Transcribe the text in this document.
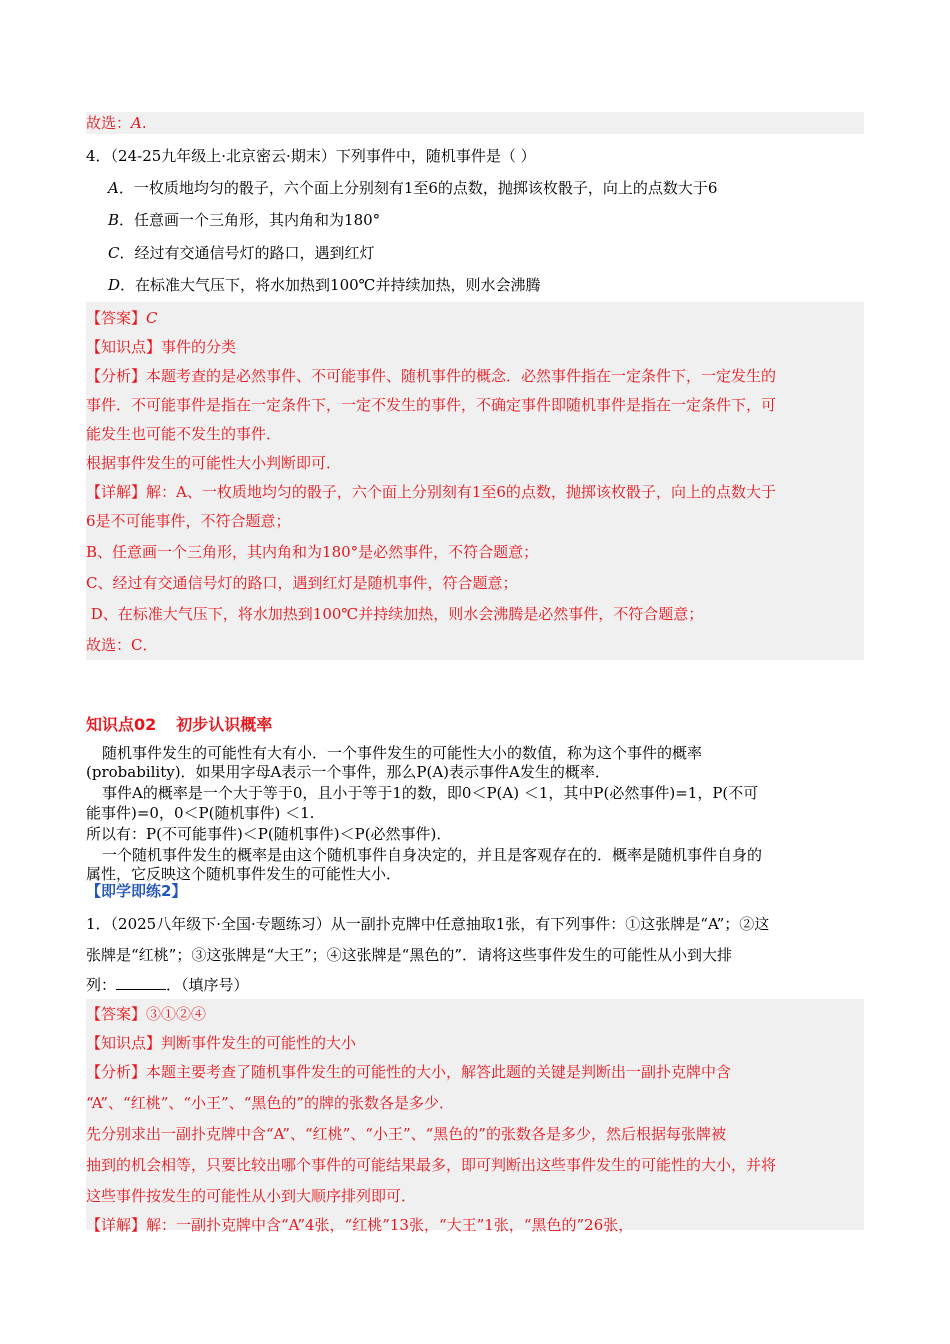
故选：A.
4．（24-25九年级上·北京密云·期末）下列事件中，随机事件是（ ）
A．一枚质地均匀的骰子，六个面上分别刻有1至6的点数，抛掷该枚骰子，向上的点数大于6
B．任意画一个三角形，其内角和为180°
C．经过有交通信号灯的路口，遇到红灯
D．在标准大气压下，将水加热到100℃并持续加热，则水会沸腾
【答案】C
【知识点】事件的分类
【分析】本题考查的是必然事件、不可能事件、随机事件的概念．必然事件指在一定条件下，一定发生的
事件．不可能事件是指在一定条件下，一定不发生的事件，不确定事件即随机事件是指在一定条件下，可
能发生也可能不发生的事件．
根据事件发生的可能性大小判断即可．
【详解】解：A、一枚质地均匀的骰子，六个面上分别刻有1至6的点数，抛掷该枚骰子，向上的点数大于
6是不可能事件，不符合题意；
B、任意画一个三角形，其内角和为180°是必然事件，不符合题意；
C、经过有交通信号灯的路口，遇到红灯是随机事件，符合题意；
D、在标准大气压下，将水加热到100℃并持续加热，则水会沸腾是必然事件，不符合题意；
故选：C．
知识点02 初步认识概率
随机事件发生的可能性有大有小．一个事件发生的可能性大小的数值，称为这个事件的概率
(probability)．如果用字母A表示一个事件，那么P(A)表示事件A发生的概率．
事件A的概率是一个大于等于0，且小于等于1的数，即0＜P(A) ＜1，其中P(必然事件)=1，P(不可
能事件)=0，0＜P(随机事件) ＜1.
所以有：P(不可能事件)＜P(随机事件)＜P(必然事件)．
一个随机事件发生的概率是由这个随机事件自身决定的，并且是客观存在的．概率是随机事件自身的
属性，它反映这个随机事件发生的可能性大小．
【即学即练2】
1．（2025八年级下·全国·专题练习）从一副扑克牌中任意抽取1张，有下列事件：①这张牌是“A”；②这
张牌是“红桃”；③这张牌是“大王”；④这张牌是“黑色的”．请将这些事件发生的可能性从小到大排
列：	．（填序号）
【答案】③①②④
【知识点】判断事件发生的可能性的大小
【分析】本题主要考查了随机事件发生的可能性的大小，解答此题的关键是判断出一副扑克牌中含
“A”、“红桃”、“小王”、“黑色的”的牌的张数各是多少．
先分别求出一副扑克牌中含“A”、“红桃”、“小王”、“黑色的”的张数各是多少，然后根据每张牌被
抽到的机会相等，只要比较出哪个事件的可能结果最多，即可判断出这些事件发生的可能性的大小，并将
这些事件按发生的可能性从小到大顺序排列即可．
【详解】解：一副扑克牌中含“A”4张，“红桃”13张，“大王”1张，“黑色的”26张，
